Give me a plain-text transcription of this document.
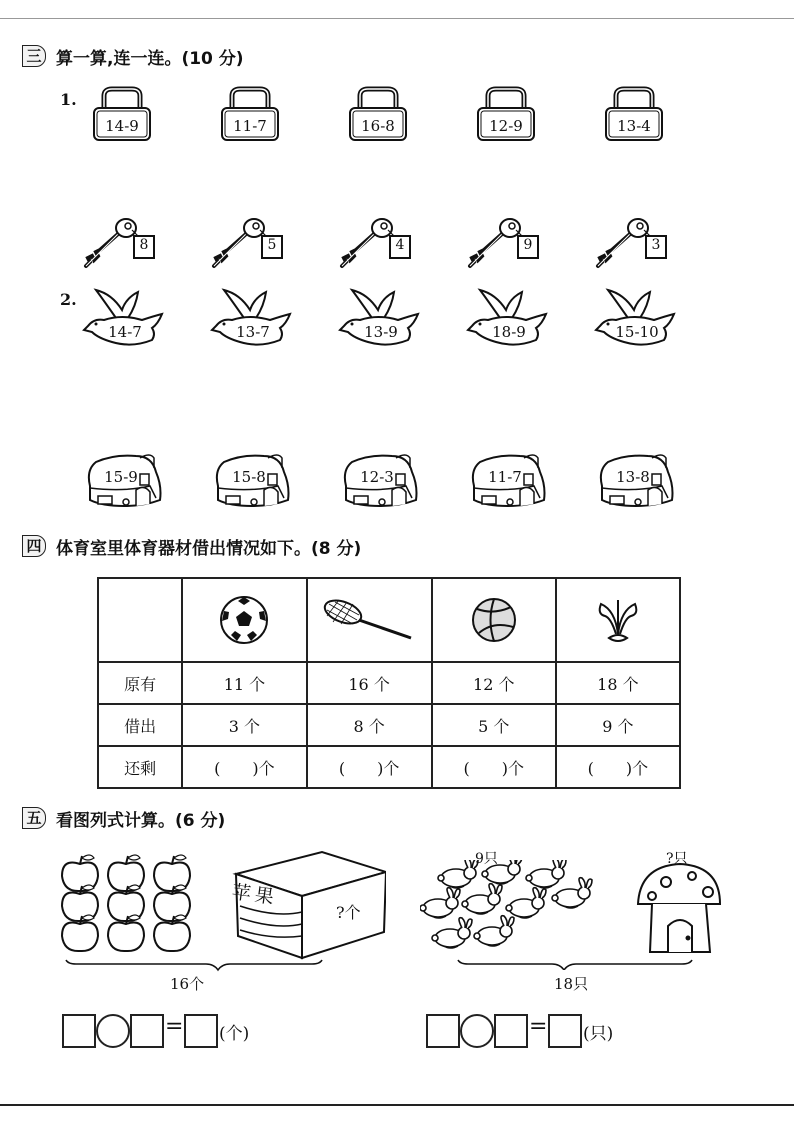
三 算一算,连一连。(10 分)
1.
2.
14-9
8
14-7
15-9
11-7
5
13-7
15-8
16-8
4
13-9
12-3
12-9
9
18-9
11-7
13-4
3
15-10
13-8
四 体育室里体育器材借出情况如下。(8 分)

原有	11 个	16 个	12 个	18 个
借出	3 个	8 个	5 个	9 个
还剩	(　　)个	(　　)个	(　　)个	(　　)个
五 看图列式计算。(6 分)
苹果
?个
16个
9只	?只
18只
= (个)	= (只)
